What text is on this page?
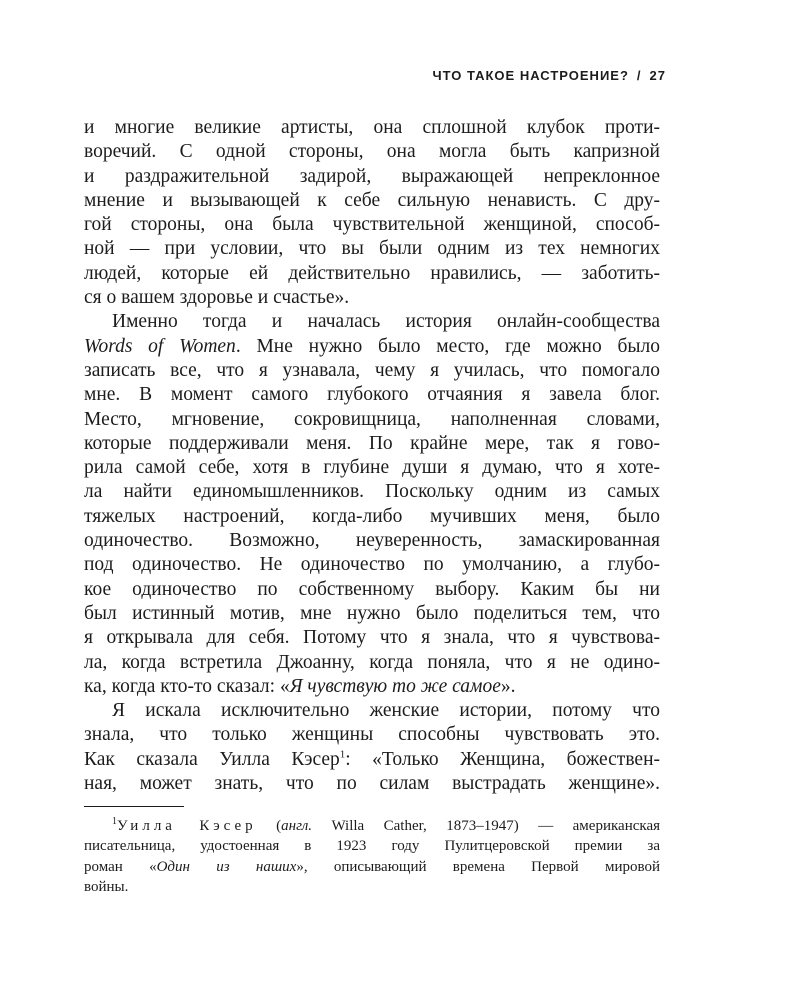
ЧТО ТАКОЕ НАСТРОЕНИЕ? / 27
и многие великие артисты, она сплошной клубок проти-
воречий. С одной стороны, она могла быть капризной
и раздражительной задирой, выражающей непреклонное
мнение и вызывающей к себе сильную ненависть. С дру-
гой стороны, она была чувствительной женщиной, способ-
ной — при условии, что вы были одним из тех немногих
людей, которые ей действительно нравились, — заботить-
ся о вашем здоровье и счастье».
Именно тогда и началась история онлайн-сообщества
Words of Women. Мне нужно было место, где можно было
записать все, что я узнавала, чему я училась, что помогало
мне. В момент самого глубокого отчаяния я завела блог.
Место, мгновение, сокровищница, наполненная словами,
которые поддерживали меня. По крайне мере, так я гово-
рила самой себе, хотя в глубине души я думаю, что я хоте-
ла найти единомышленников. Поскольку одним из самых
тяжелых настроений, когда-либо мучивших меня, было
одиночество. Возможно, неуверенность, замаскированная
под одиночество. Не одиночество по умолчанию, а глубо-
кое одиночество по собственному выбору. Каким бы ни
был истинный мотив, мне нужно было поделиться тем, что
я открывала для себя. Потому что я знала, что я чувствова-
ла, когда встретила Джоанну, когда поняла, что я не одино-
ка, когда кто-то сказал: «Я чувствую то же самое».
Я искала исключительно женские истории, потому что
знала, что только женщины способны чувствовать это.
Как сказала Уилла Кэсер$^1$: «Только Женщина, божествен-
ная, может знать, что по силам выстрадать женщине».
$^1$Уилла Кэсер (англ. Willa Cather, 1873–1947) — американская
писательница, удостоенная в 1923 году Пулитцеровской премии за
роман «Один из наших», описывающий времена Первой мировой
войны.
